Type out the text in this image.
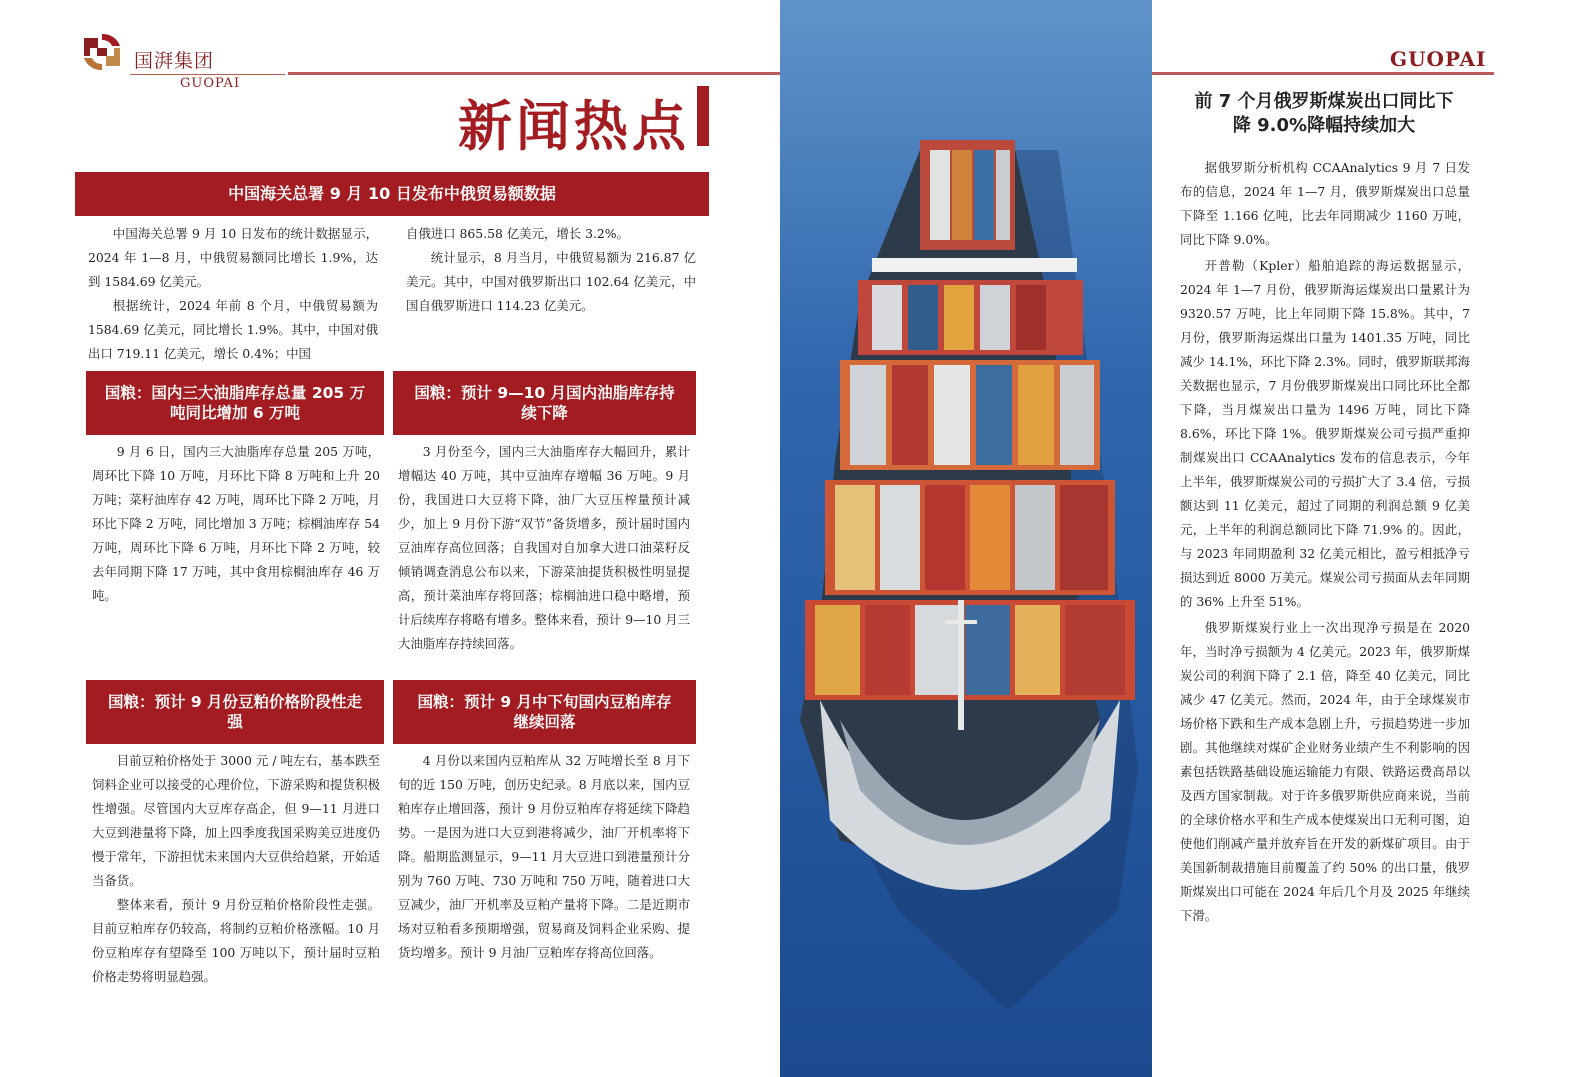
国湃集团
GUOPAI
GUOPAI
新闻热点
中国海关总署 9 月 10 日发布中俄贸易额数据

中国海关总署 9 月 10 日发布的统计数据显示，2024 年 1—8 月，中俄贸易额同比增长 1.9%，达到 1584.69 亿美元。

根据统计，2024 年前 8 个月，中俄贸易额为 1584.69 亿美元，同比增长 1.9%。其中，中国对俄出口 719.11 亿美元，增长 0.4%；中国

自俄进口 865.58 亿美元，增长 3.2%。

统计显示，8 月当月，中俄贸易额为 216.87 亿美元。其中，中国对俄罗斯出口 102.64 亿美元，中国自俄罗斯进口 114.23 亿美元。

国粮：国内三大油脂库存总量 205 万
吨同比增加 6 万吨

9 月 6 日，国内三大油脂库存总量 205 万吨，周环比下降 10 万吨，月环比下降 8 万吨和上升 20 万吨；菜籽油库存 42 万吨，周环比下降 2 万吨，月环比下降 2 万吨，同比增加 3 万吨；棕榈油库存 54 万吨，周环比下降 6 万吨，月环比下降 2 万吨，较去年同期下降 17 万吨，其中食用棕榈油库存 46 万吨。

国粮：预计 9—10 月国内油脂库存持
续下降

3 月份至今，国内三大油脂库存大幅回升，累计增幅达 40 万吨，其中豆油库存增幅 36 万吨。9 月份，我国进口大豆将下降，油厂大豆压榨量预计减少，加上 9 月份下游“双节”备货增多，预计届时国内豆油库存高位回落；自我国对自加拿大进口油菜籽反倾销调查消息公布以来，下游菜油提货积极性明显提高，预计菜油库存将回落；棕榈油进口稳中略增，预计后续库存将略有增多。整体来看，预计 9—10 月三大油脂库存持续回落。

国粮：预计 9 月份豆粕价格阶段性走
强

目前豆粕价格处于 3000 元 / 吨左右，基本跌至饲料企业可以接受的心理价位，下游采购和提货积极性增强。尽管国内大豆库存高企，但 9—11 月进口大豆到港量将下降，加上四季度我国采购美豆进度仍慢于常年，下游担忧未来国内大豆供给趋紧，开始适当备货。

整体来看，预计 9 月份豆粕价格阶段性走强。目前豆粕库存仍较高，将制约豆粕价格涨幅。10 月份豆粕库存有望降至 100 万吨以下，预计届时豆粕价格走势将明显趋强。

国粮：预计 9 月中下旬国内豆粕库存
继续回落

4 月份以来国内豆粕库从 32 万吨增长至 8 月下旬的近 150 万吨，创历史纪录。8 月底以来，国内豆粕库存止增回落，预计 9 月份豆粕库存将延续下降趋势。一是因为进口大豆到港将减少，油厂开机率将下降。船期监测显示，9—11 月大豆进口到港量预计分别为 760 万吨、730 万吨和 750 万吨，随着进口大豆减少，油厂开机率及豆粕产量将下降。二是近期市场对豆粕看多预期增强，贸易商及饲料企业采购、提货均增多。预计 9 月油厂豆粕库存将高位回落。

前 7 个月俄罗斯煤炭出口同比下
降 9.0%降幅持续加大

据俄罗斯分析机构 CCAAnalytics 9 月 7 日发布的信息，2024 年 1—7 月，俄罗斯煤炭出口总量下降至 1.166 亿吨，比去年同期减少 1160 万吨，同比下降 9.0%。

开普勒（Kpler）船舶追踪的海运数据显示，2024 年 1—7 月份，俄罗斯海运煤炭出口量累计为 9320.57 万吨，比上年同期下降 15.8%。其中，7 月份，俄罗斯海运煤出口量为 1401.35 万吨，同比减少 14.1%，环比下降 2.3%。同时，俄罗斯联邦海关数据也显示，7 月份俄罗斯煤炭出口同比环比全都下降，当月煤炭出口量为 1496 万吨，同比下降 8.6%，环比下降 1%。俄罗斯煤炭公司亏损严重抑制煤炭出口 CCAAnalytics 发布的信息表示，今年上半年，俄罗斯煤炭公司的亏损扩大了 3.4 倍，亏损额达到 11 亿美元，超过了同期的利润总额 9 亿美元，上半年的利润总额同比下降 71.9% 的。因此，与 2023 年同期盈利 32 亿美元相比，盈亏相抵净亏损达到近 8000 万美元。煤炭公司亏损面从去年同期的 36% 上升至 51%。

俄罗斯煤炭行业上一次出现净亏损是在 2020 年，当时净亏损额为 4 亿美元。2023 年，俄罗斯煤炭公司的利润下降了 2.1 倍，降至 40 亿美元，同比减少 47 亿美元。然而，2024 年，由于全球煤炭市场价格下跌和生产成本急剧上升，亏损趋势进一步加剧。其他继续对煤矿企业财务业绩产生不利影响的因素包括铁路基础设施运输能力有限、铁路运费高昂以及西方国家制裁。对于许多俄罗斯供应商来说，当前的全球价格水平和生产成本使煤炭出口无利可图，迫使他们削减产量并放弃旨在开发的新煤矿项目。由于美国新制裁措施目前覆盖了约 50% 的出口量，俄罗斯煤炭出口可能在 2024 年后几个月及 2025 年继续下滑。
